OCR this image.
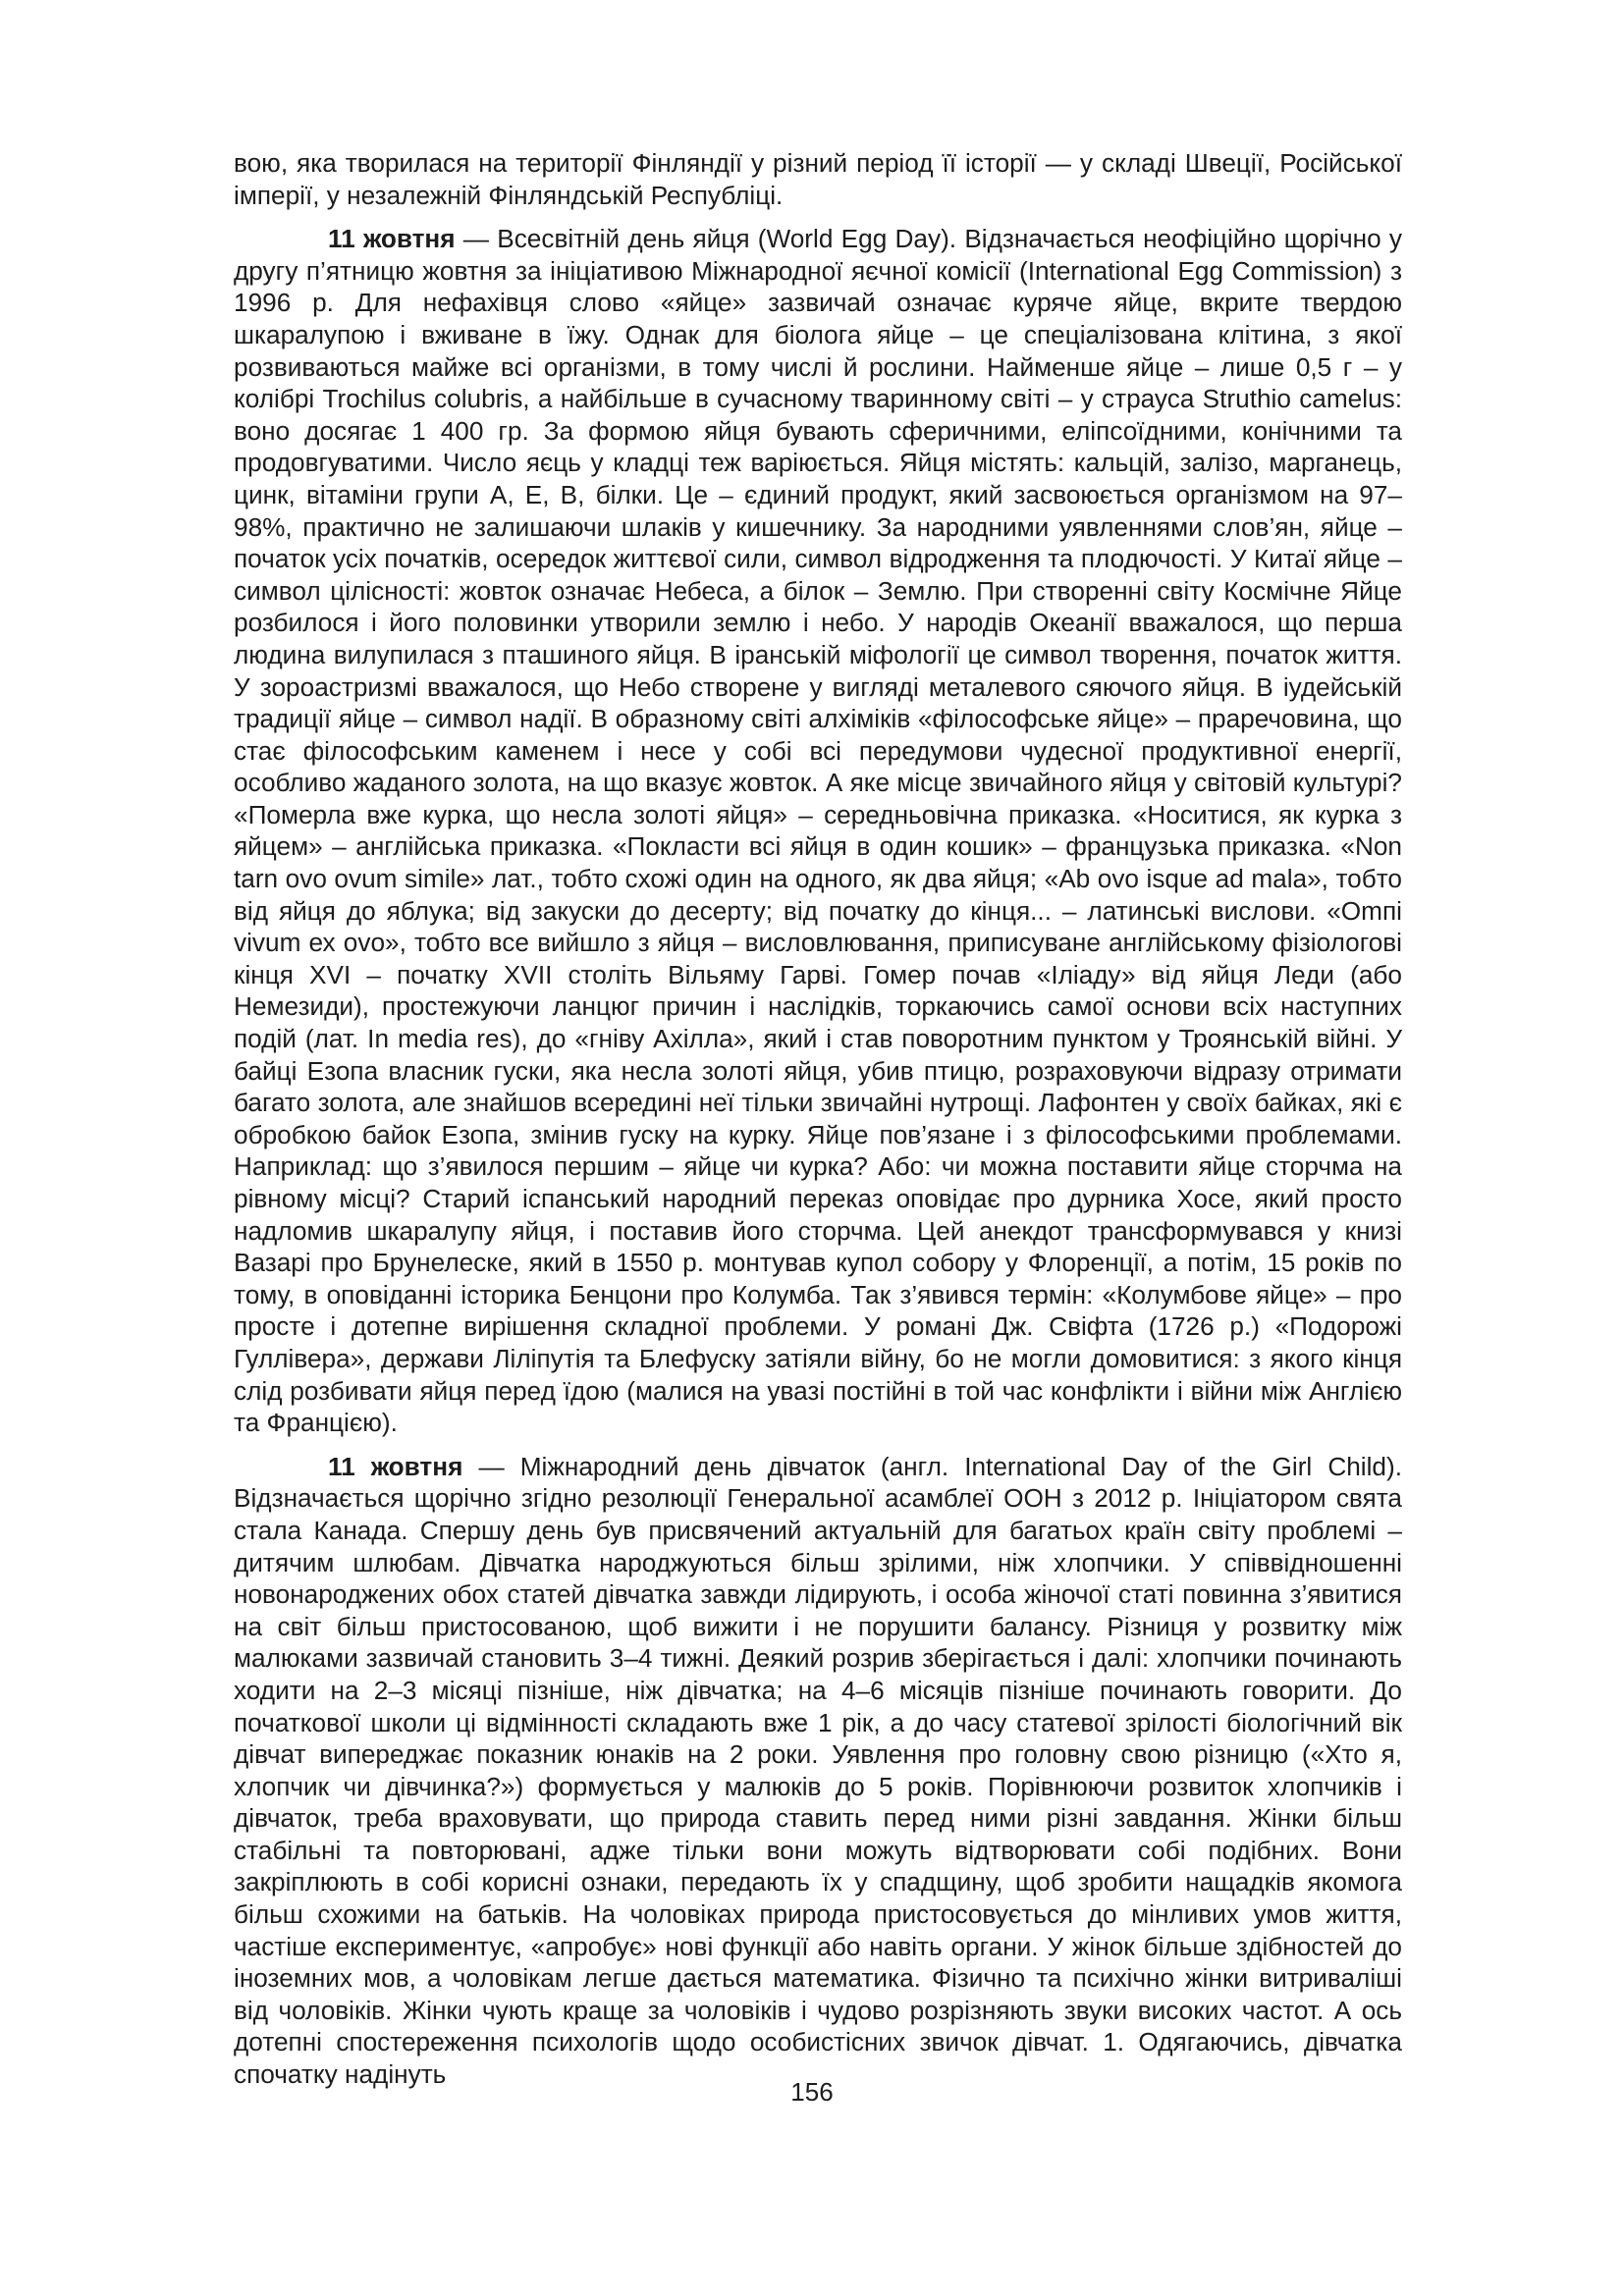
вою, яка творилася на території Фінляндії у різний період її історії — у складі Швеції, Російської імперії, у незалежній Фінляндській Республіці.

11 жовтня — Всесвітній день яйця (World Egg Day). Відзначається неофіційно щорічно у другу п’ятницю жовтня за ініціативою Міжнародної яєчної комісії (International Egg Commission) з 1996 р. Для нефахівця слово «яйце» зазвичай означає куряче яйце, вкрите твердою шкаралупою і вживане в їжу. Однак для біолога яйце – це спеціалізована клітина, з якої розвиваються майже всі організми, в тому числі й рослини. Найменше яйце – лише 0,5 г – у колібрі Trochilus colubris, а найбільше в сучасному тваринному світі – у страуса Struthio camelus: воно досягає 1 400 гр. За формою яйця бувають сферичними, еліпсоїдними, конічними та продовгуватими. Число яєць у кладці теж варіюється. Яйця містять: кальцій, залізо, марганець, цинк, вітаміни групи А, Е, В, білки. Це – єдиний продукт, який засвоюється організмом на 97–98%, практично не залишаючи шлаків у кишечнику. За народними уявленнями слов’ян, яйце – початок усіх початків, осередок життєвої сили, символ відродження та плодючості. У Китаї яйце – символ цілісності: жовток означає Небеса, а білок – Землю. При створенні світу Космічне Яйце розбилося і його половинки утворили землю і небо. У народів Океанії вважалося, що перша людина вилупилася з пташиного яйця. В іранській міфології це символ творення, початок життя. У зороастризмі вважалося, що Небо створене у вигляді металевого сяючого яйця. В іудейській традиції яйце – символ надії. В образному світі алхіміків «філософське яйце» – праречовина, що стає філософським каменем і несе у собі всі передумови чудесної продуктивної енергії, особливо жаданого золота, на що вказує жовток. А яке місце звичайного яйця у світовій культурі? «Померла вже курка, що несла золоті яйця» – середньовічна приказка. «Носитися, як курка з яйцем» – англійська приказка. «Покласти всі яйця в один кошик» – французька приказка. «Non tarn ovo ovum simile» лат., тобто схожі один на одного, як два яйця; «Ab ovo isque ad mala», тобто від яйця до яблука; від закуски до десерту; від початку до кінця... – латинські вислови. «Оmпі vivum ех оvо», тобто все вийшло з яйця – висловлювання, приписуване англійському фізіологові кінця XVI – початку XVII століть Вільяму Гарві. Гомер почав «Іліаду» від яйця Леди (або Немезиди), простежуючи ланцюг причин і наслідків, торкаючись самої основи всіх наступних подій (лат. In media res), до «гніву Ахілла», який і став поворотним пунктом у Троянській війні. У байці Езопа власник гуски, яка несла золоті яйця, убив птицю, розраховуючи відразу отримати багато золота, але знайшов всередині неї тільки звичайні нутрощі. Лафонтен у своїх байках, які є обробкою байок Езопа, змінив гуску на курку. Яйце пов’язане і з філософськими проблемами. Наприклад: що з’явилося першим – яйце чи курка? Або: чи можна поставити яйце сторчма на рівному місці? Старий іспанський народний переказ оповідає про дурника Хосе, який просто надломив шкаралупу яйця, і поставив його сторчма. Цей анекдот трансформувався у книзі Вазарі про Брунелеске, який в 1550 р. монтував купол собору у Флоренції, а потім, 15 років по тому, в оповіданні історика Бенцони про Колумба. Так з’явився термін: «Колумбове яйце» – про просте і дотепне вирішення складної проблеми. У романі Дж. Свіфта (1726 р.) «Подорожі Гуллівера», держави Ліліпутія та Блефуску затіяли війну, бо не могли домовитися: з якого кінця слід розбивати яйця перед їдою (малися на увазі постійні в той час конфлікти і війни між Англією та Францією).

11 жовтня — Міжнародний день дівчаток (англ. International Day of the Girl Child). Відзначається щорічно згідно резолюції Генеральної асамблеї ООН з 2012 р. Ініціатором свята стала Канада. Спершу день був присвячений актуальній для багатьох країн світу проблемі – дитячим шлюбам. Дівчатка народжуються більш зрілими, ніж хлопчики. У співвідношенні новонароджених обох статей дівчатка завжди лідирують, і особа жіночої статі повинна з’явитися на світ більш пристосованою, щоб вижити і не порушити балансу. Різниця у розвитку між малюками зазвичай становить 3–4 тижні. Деякий розрив зберігається і далі: хлопчики починають ходити на 2–3 місяці пізніше, ніж дівчатка; на 4–6 місяців пізніше починають говорити. До початкової школи ці відмінності складають вже 1 рік, а до часу статевої зрілості біологічний вік дівчат випереджає показник юнаків на 2 роки. Уявлення про головну свою різницю («Хто я, хлопчик чи дівчинка?») формується у малюків до 5 років. Порівнюючи розвиток хлопчиків і дівчаток, треба враховувати, що природа ставить перед ними різні завдання. Жінки більш стабільні та повторювані, адже тільки вони можуть відтворювати собі подібних. Вони закріплюють в собі корисні ознаки, передають їх у спадщину, щоб зробити нащадків якомога більш схожими на батьків. На чоловіках природа пристосовується до мінливих умов життя, частіше експериментує, «апробує» нові функції або навіть органи. У жінок більше здібностей до іноземних мов, а чоловікам легше дається математика. Фізично та психічно жінки витриваліші від чоловіків. Жінки чують краще за чоловіків і чудово розрізняють звуки високих частот. А ось дотепні спостереження психологів щодо особистісних звичок дівчат. 1. Одягаючись, дівчатка спочатку надінуть

156
